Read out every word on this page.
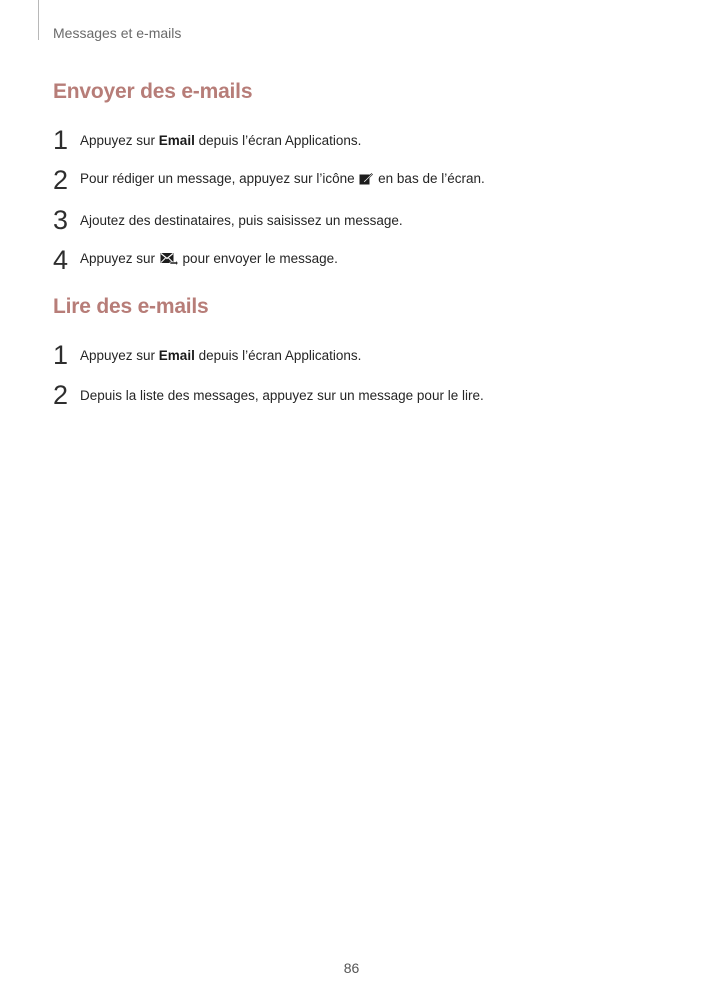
Messages et e-mails
Envoyer des e-mails
1 Appuyez sur Email depuis l’écran Applications.
2 Pour rédiger un message, appuyez sur l’icône  en bas de l’écran.
3 Ajoutez des destinataires, puis saisissez un message.
4 Appuyez sur  pour envoyer le message.
Lire des e-mails
1 Appuyez sur Email depuis l’écran Applications.
2 Depuis la liste des messages, appuyez sur un message pour le lire.
86
